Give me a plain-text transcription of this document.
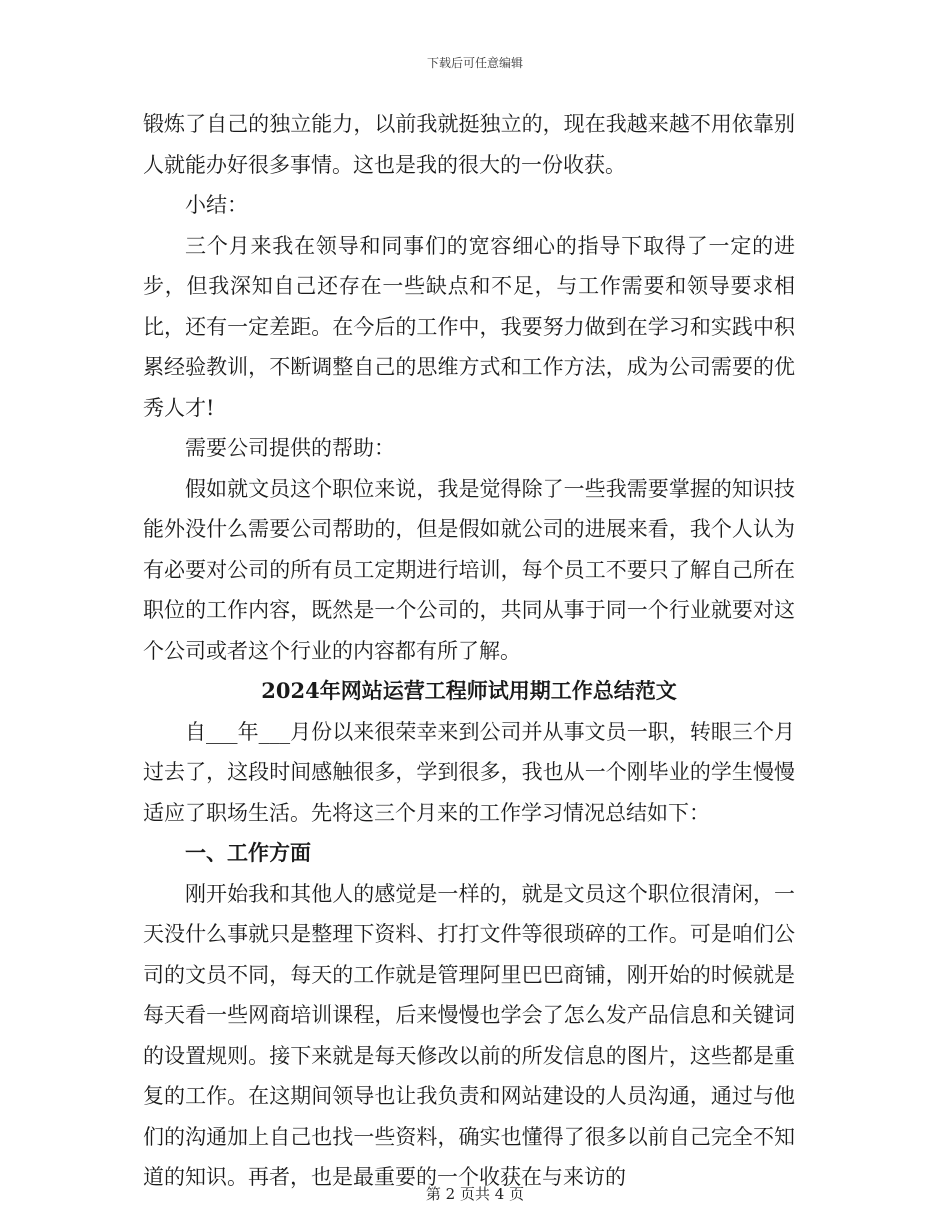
下载后可任意编辑

锻炼了自己的独立能力，以前我就挺独立的，现在我越来越不用依靠别人就能办好很多事情。这也是我的很大的一份收获。

小结：

三个月来我在领导和同事们的宽容细心的指导下取得了一定的进步，但我深知自己还存在一些缺点和不足，与工作需要和领导要求相比，还有一定差距。在今后的工作中，我要努力做到在学习和实践中积累经验教训，不断调整自己的思维方式和工作方法，成为公司需要的优秀人才!

需要公司提供的帮助：

假如就文员这个职位来说，我是觉得除了一些我需要掌握的知识技能外没什么需要公司帮助的，但是假如就公司的进展来看，我个人认为有必要对公司的所有员工定期进行培训，每个员工不要只了解自己所在职位的工作内容，既然是一个公司的，共同从事于同一个行业就要对这个公司或者这个行业的内容都有所了解。

2024年网站运营工程师试用期工作总结范文

自___年___月份以来很荣幸来到公司并从事文员一职，转眼三个月过去了，这段时间感触很多，学到很多，我也从一个刚毕业的学生慢慢适应了职场生活。先将这三个月来的工作学习情况总结如下：

一、工作方面

刚开始我和其他人的感觉是一样的，就是文员这个职位很清闲，一天没什么事就只是整理下资料、打打文件等很琐碎的工作。可是咱们公司的文员不同，每天的工作就是管理阿里巴巴商铺，刚开始的时候就是每天看一些网商培训课程，后来慢慢也学会了怎么发产品信息和关键词的设置规则。接下来就是每天修改以前的所发信息的图片，这些都是重复的工作。在这期间领导也让我负责和网站建设的人员沟通，通过与他们的沟通加上自己也找一些资料，确实也懂得了很多以前自己完全不知道的知识。再者，也是最重要的一个收获在与来访的

第 2 页共 4 页
